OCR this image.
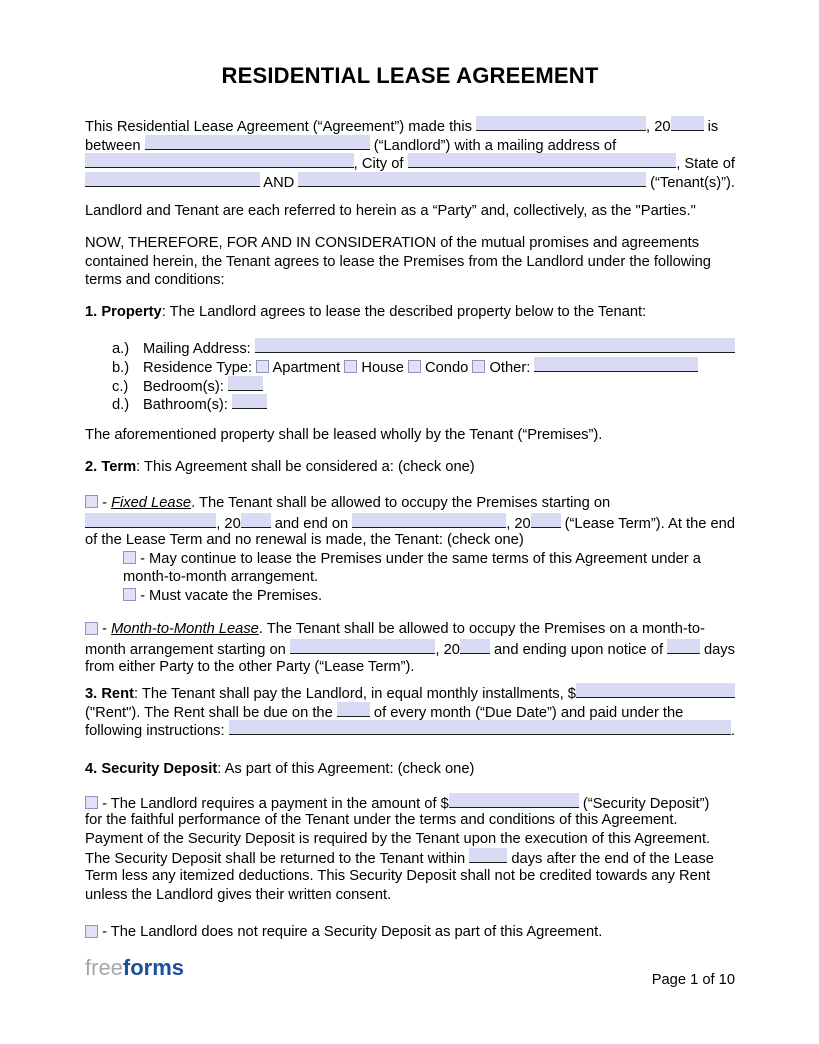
RESIDENTIAL LEASE AGREEMENT
This Residential Lease Agreement (“Agreement”) made this	, 20 is
between	(“Landlord”) with a mailing address of
, City of	, State of
AND	(“Tenant(s)”).
Landlord and Tenant are each referred to herein as a “Party” and, collectively, as the "Parties."
NOW, THEREFORE, FOR AND IN CONSIDERATION of the mutual promises and agreements
contained herein, the Tenant agrees to lease the Premises from the Landlord under the following
terms and conditions:
1. Property : The Landlord agrees to lease the described property below to the Tenant:
a.) Mailing Address:
b.) Residence Type: Apartment House Condo Other:
c.) Bedroom(s):
d.) Bathroom(s):
The aforementioned property shall be leased wholly by the Tenant (“Premises”).
2. Term : This Agreement shall be considered a: (check one)
- Fixed Lease . The Tenant shall be allowed to occupy the Premises starting on
, 20 and end on	, 20 (“Lease Term”). At the end
of the Lease Term and no renewal is made, the Tenant: (check one)
- May continue to lease the Premises under the same terms of this Agreement under a
month-to-month arrangement.
- Must vacate the Premises.
- Month-to-Month Lease . The Tenant shall be allowed to occupy the Premises on a month-to-
month arrangement starting on	, 20 and ending upon notice of days
from either Party to the other Party (“Lease Term”).
3. Rent : The Tenant shall pay the Landlord, in equal monthly installments, $
("Rent"). The Rent shall be due on the of every month (“Due Date”) and paid under the
following instructions:	.
4. Security Deposit : As part of this Agreement: (check one)
- The Landlord requires a payment in the amount of $	(“Security Deposit”)
for the faithful performance of the Tenant under the terms and conditions of this Agreement.
Payment of the Security Deposit is required by the Tenant upon the execution of this Agreement.
The Security Deposit shall be returned to the Tenant within	days after the end of the Lease
Term less any itemized deductions. This Security Deposit shall not be credited towards any Rent
unless the Landlord gives their written consent.
- The Landlord does not require a Security Deposit as part of this Agreement.
freeforms	Page 1 of 10
